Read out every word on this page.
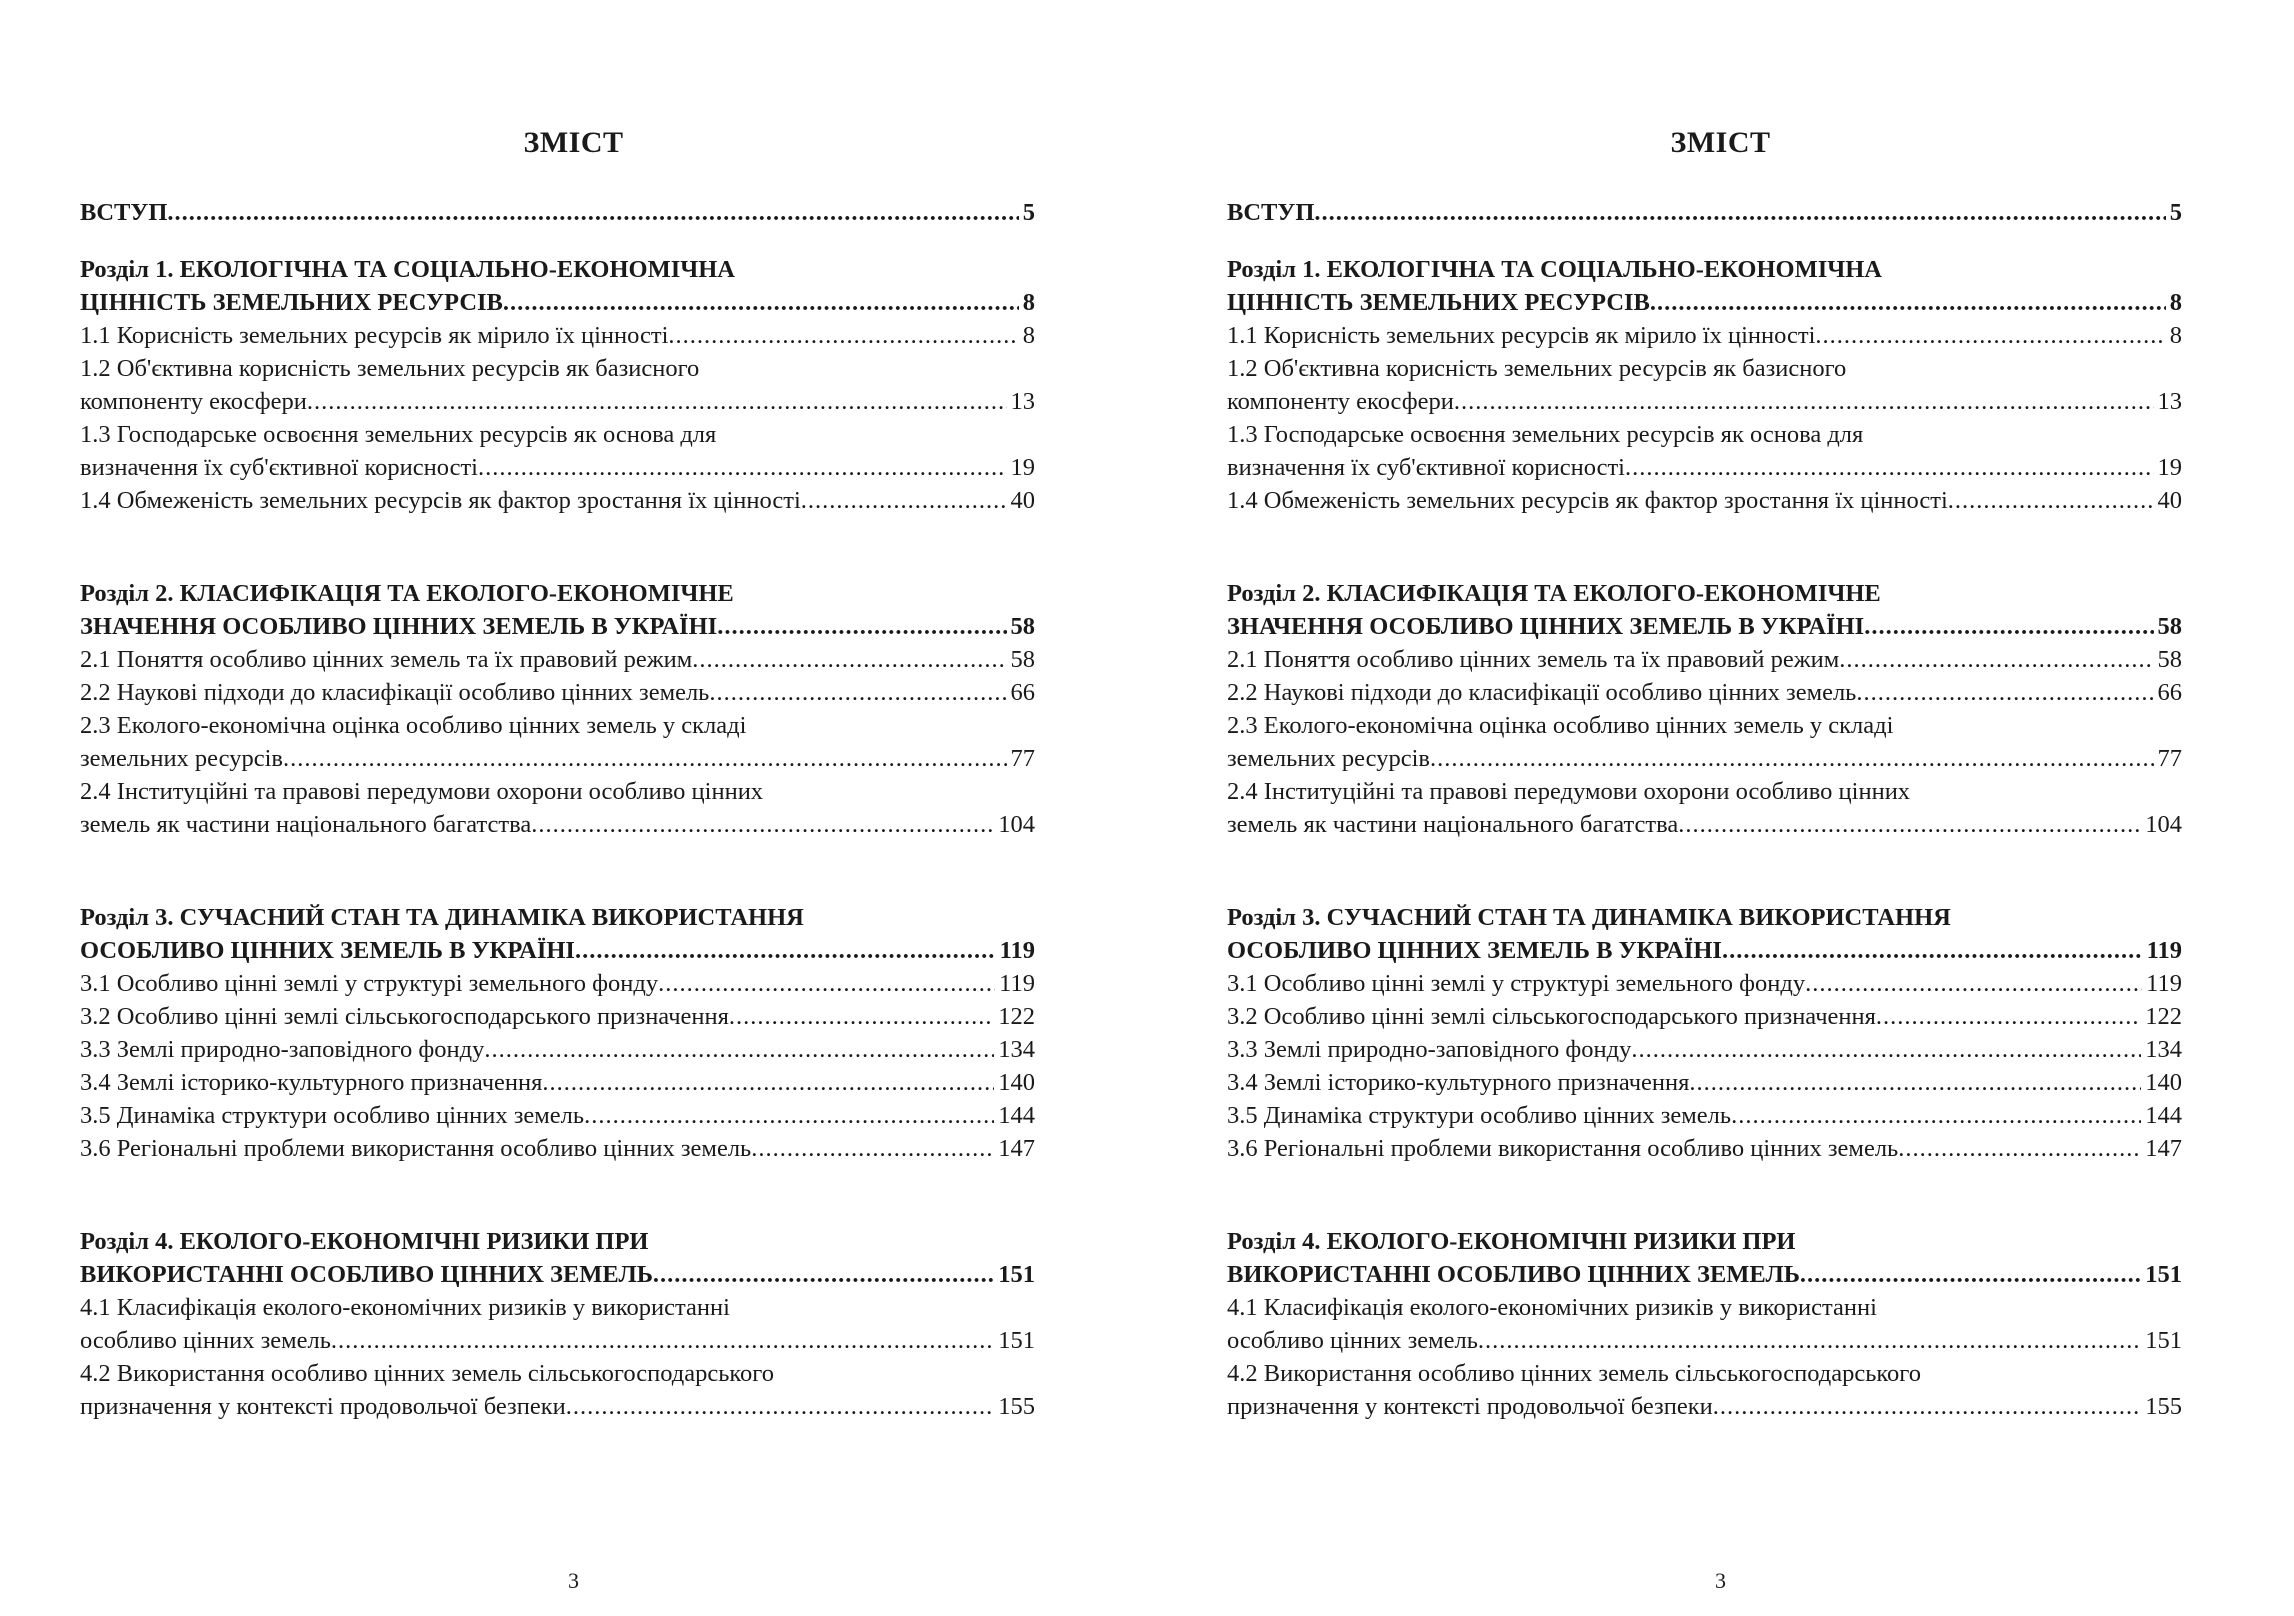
ЗМІСТ
ВСТУП .....	5
Розділ 1. ЕКОЛОГІЧНА ТА СОЦІАЛЬНО-ЕКОНОМІЧНА
ЦІННІСТЬ ЗЕМЕЛЬНИХ РЕСУРСІВ .....	8
1.1 Корисність земельних ресурсів як мірило їх цінності .....	8
1.2 Об'єктивна корисність земельних ресурсів як базисного
компоненту екосфери .....	13
1.3 Господарське освоєння земельних ресурсів як основа для
визначення їх суб'єктивної корисності .....	19
1.4 Обмеженість земельних ресурсів як фактор зростання їх цінності .....	40
Розділ 2. КЛАСИФІКАЦІЯ ТА ЕКОЛОГО-ЕКОНОМІЧНЕ
ЗНАЧЕННЯ ОСОБЛИВО ЦІННИХ ЗЕМЕЛЬ В УКРАЇНІ .....	58
2.1 Поняття особливо цінних земель та їх правовий режим .....	58
2.2 Наукові підходи до класифікації особливо цінних земель .....	66
2.3 Еколого-економічна оцінка особливо цінних земель у складі
земельних ресурсів .....	77
2.4 Інституційні та правові передумови охорони особливо цінних
земель як частини національного багатства .....	104
Розділ 3. СУЧАСНИЙ СТАН ТА ДИНАМІКА ВИКОРИСТАННЯ
ОСОБЛИВО ЦІННИХ ЗЕМЕЛЬ В УКРАЇНІ .....	119
3.1 Особливо цінні землі у структурі земельного фонду .....	119
3.2 Особливо цінні землі сільськогосподарського призначення .....	122
3.3 Землі природно-заповідного фонду .....	134
3.4 Землі історико-культурного призначення .....	140
3.5 Динаміка структури особливо цінних земель .....	144
3.6 Регіональні проблеми використання особливо цінних земель .....	147
Розділ 4. ЕКОЛОГО-ЕКОНОМІЧНІ РИЗИКИ ПРИ
ВИКОРИСТАННІ ОСОБЛИВО ЦІННИХ ЗЕМЕЛЬ .....	151
4.1 Класифікація еколого-економічних ризиків у використанні
особливо цінних земель .....	151
4.2 Використання особливо цінних земель сільськогосподарського
призначення у контексті продовольчої безпеки .....	155
3
ЗМІСТ
ВСТУП .....	5
Розділ 1. ЕКОЛОГІЧНА ТА СОЦІАЛЬНО-ЕКОНОМІЧНА
ЦІННІСТЬ ЗЕМЕЛЬНИХ РЕСУРСІВ .....	8
1.1 Корисність земельних ресурсів як мірило їх цінності .....	8
1.2 Об'єктивна корисність земельних ресурсів як базисного
компоненту екосфери .....	13
1.3 Господарське освоєння земельних ресурсів як основа для
визначення їх суб'єктивної корисності .....	19
1.4 Обмеженість земельних ресурсів як фактор зростання їх цінності .....	40
Розділ 2. КЛАСИФІКАЦІЯ ТА ЕКОЛОГО-ЕКОНОМІЧНЕ
ЗНАЧЕННЯ ОСОБЛИВО ЦІННИХ ЗЕМЕЛЬ В УКРАЇНІ .....	58
2.1 Поняття особливо цінних земель та їх правовий режим .....	58
2.2 Наукові підходи до класифікації особливо цінних земель .....	66
2.3 Еколого-економічна оцінка особливо цінних земель у складі
земельних ресурсів .....	77
2.4 Інституційні та правові передумови охорони особливо цінних
земель як частини національного багатства .....	104
Розділ 3. СУЧАСНИЙ СТАН ТА ДИНАМІКА ВИКОРИСТАННЯ
ОСОБЛИВО ЦІННИХ ЗЕМЕЛЬ В УКРАЇНІ .....	119
3.1 Особливо цінні землі у структурі земельного фонду .....	119
3.2 Особливо цінні землі сільськогосподарського призначення .....	122
3.3 Землі природно-заповідного фонду .....	134
3.4 Землі історико-культурного призначення .....	140
3.5 Динаміка структури особливо цінних земель .....	144
3.6 Регіональні проблеми використання особливо цінних земель .....	147
Розділ 4. ЕКОЛОГО-ЕКОНОМІЧНІ РИЗИКИ ПРИ
ВИКОРИСТАННІ ОСОБЛИВО ЦІННИХ ЗЕМЕЛЬ .....	151
4.1 Класифікація еколого-економічних ризиків у використанні
особливо цінних земель .....	151
4.2 Використання особливо цінних земель сільськогосподарського
призначення у контексті продовольчої безпеки .....	155
3
